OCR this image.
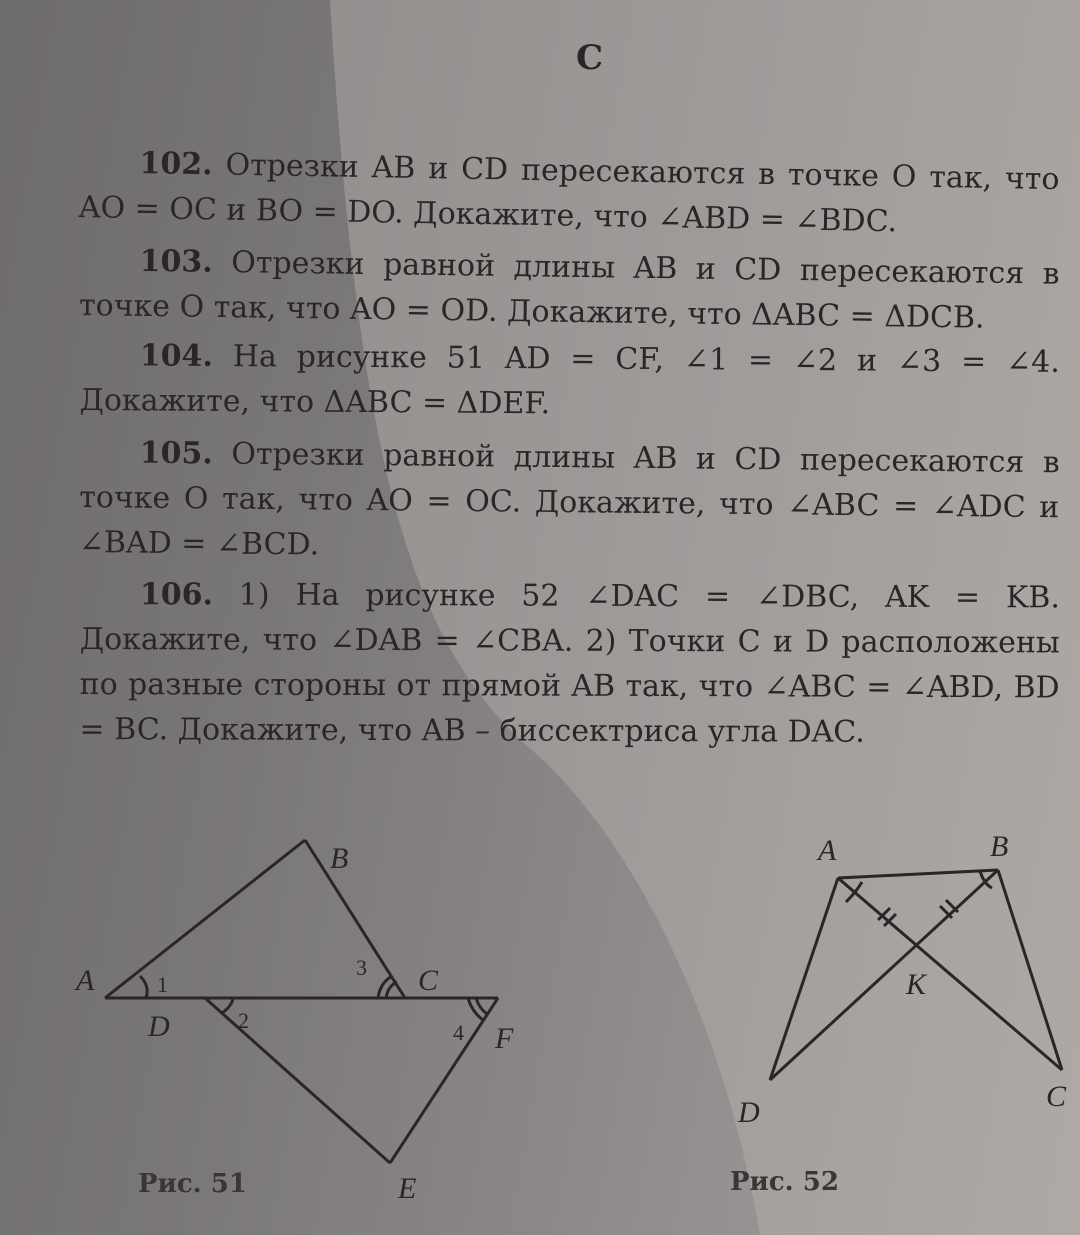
С
102. Отрезки AB и CD пересекаются в точке O так, что AO = OC и BO = DO. Докажите, что ∠ABD = ∠BDC.
103. Отрезки равной длины AB и CD пересекаются в точке O так, что AO = OD. Докажите, что ΔABC = ΔDCB.
104. На рисунке 51 AD = CF, ∠1 = ∠2 и ∠3 = ∠4. Докажите, что ΔABC = ΔDEF.
105. Отрезки равной длины AB и CD пересекаются в точке O так, что AO = OC. Докажите, что ∠ABC = ∠ADC и ∠BAD = ∠BCD.
106. 1) На рисунке 52 ∠DAC = ∠DBC, AK = KB. Докажите, что ∠DAB = ∠CBA. 2) Точки C и D расположены по разные стороны от прямой AB так, что ∠ABC = ∠ABD, BD = BC. Докажите, что AB – биссектриса угла DAC.
A
B
C
D
E
F
1
2
3
4
Рис. 51
A	B
C
D
K
Рис. 52
